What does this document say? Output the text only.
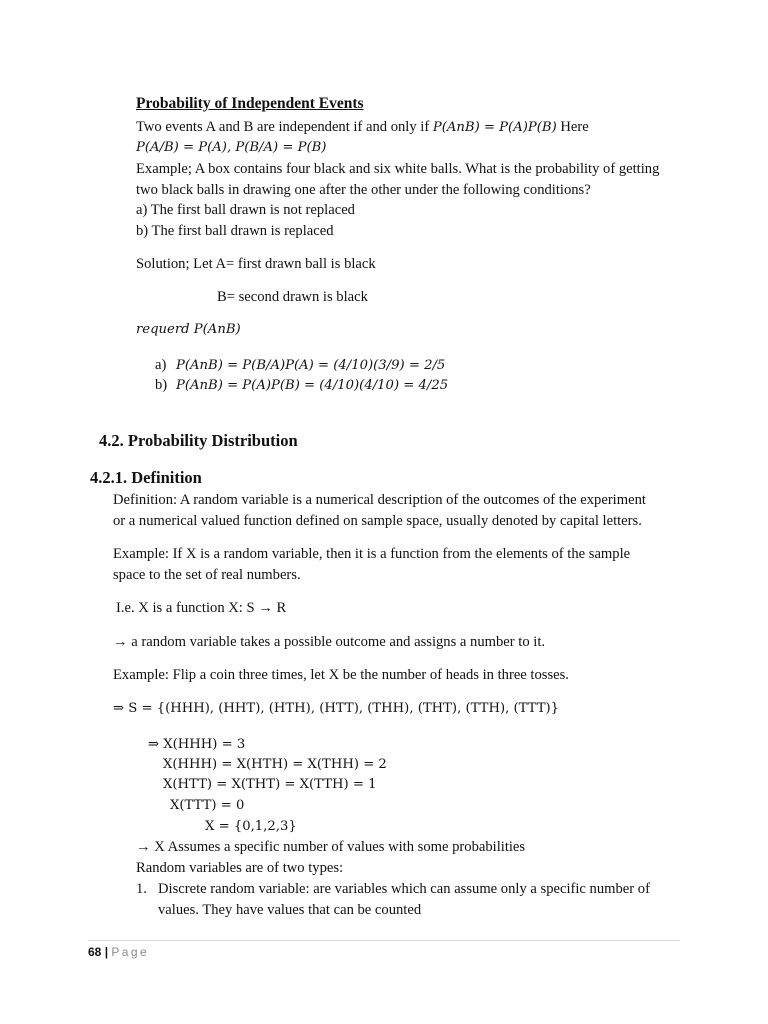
Probability of Independent Events
Two events A and B are independent if and only if P(AnB) = P(A)P(B) Here
P(A/B) = P(A), P(B/A) = P(B)
Example; A box contains four black and six white balls. What is the probability of getting
two black balls in drawing one after the other under the following conditions?
a) The first ball drawn is not replaced
b) The first ball drawn is replaced
Solution; Let A= first drawn ball is black
B= second drawn is black
requerd P(AnB)
a) P(AnB) = P(B/A)P(A) = (4/10)(3/9) = 2/5
b) P(AnB) = P(A)P(B) = (4/10)(4/10) = 4/25
4.2. Probability Distribution
4.2.1. Definition
Definition: A random variable is a numerical description of the outcomes of the experiment
or a numerical valued function defined on sample space, usually denoted by capital letters.
Example: If X is a random variable, then it is a function from the elements of the sample
space to the set of real numbers.
I.e. X is a function X: S → R
→ a random variable takes a possible outcome and assigns a number to it.
Example: Flip a coin three times, let X be the number of heads in three tosses.
⇒ S = {(HHH), (HHT), (HTH), (HTT), (THH), (THT), (TTH), (TTT)}
⇒ X(HHH) = 3
X(HHH) = X(HTH) = X(THH) = 2
X(HTT) = X(THT) = X(TTH) = 1
X(TTT) = 0
X = {0,1,2,3}
→ X Assumes a specific number of values with some probabilities
Random variables are of two types:
1. Discrete random variable: are variables which can assume only a specific number of
values. They have values that can be counted
68 | Page
